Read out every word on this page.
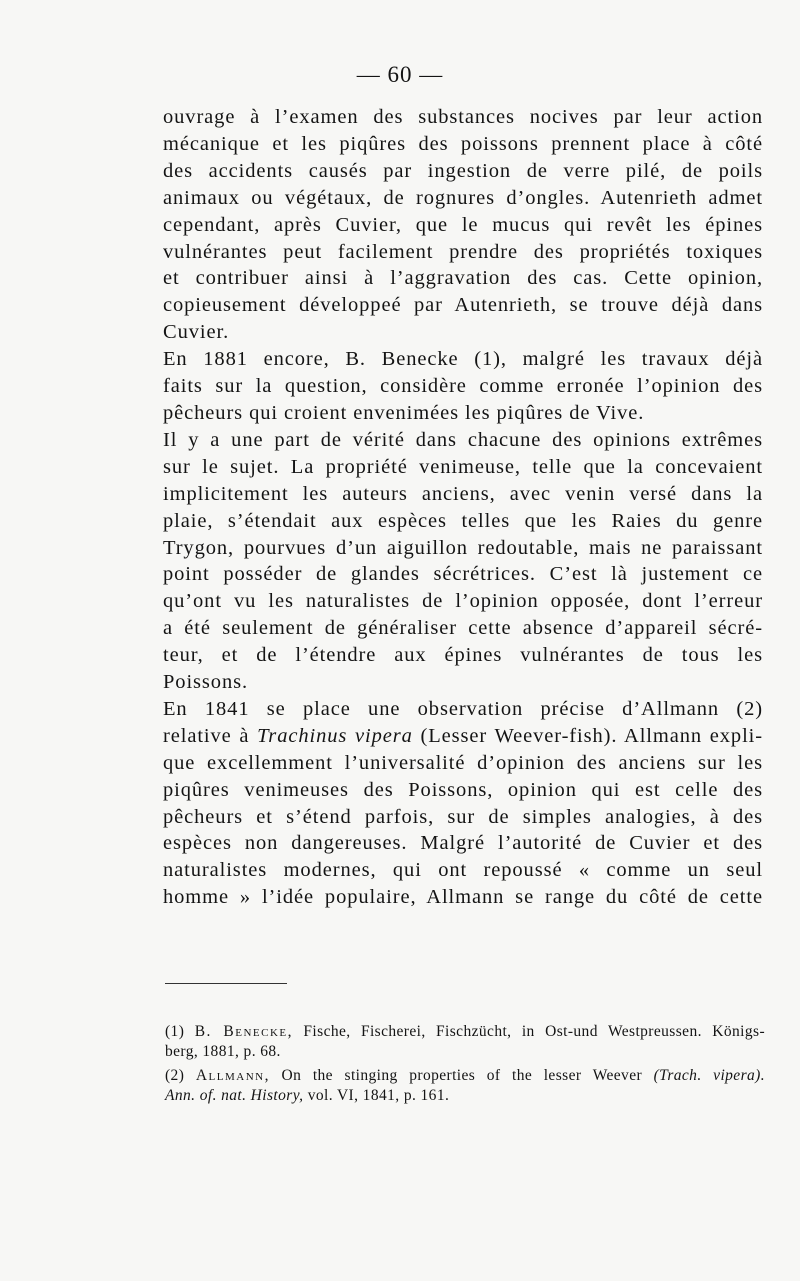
— 60 —
ouvrage à l’examen des substances nocives par leur action
mécanique et les piqûres des poissons prennent place à côté
des accidents causés par ingestion de verre pilé, de poils
animaux ou végétaux, de rognures d’ongles. Autenrieth admet
cependant, après Cuvier, que le mucus qui revêt les épines
vulnérantes peut facilement prendre des propriétés toxiques
et contribuer ainsi à l’aggravation des cas. Cette opinion,
copieusement développeé par Autenrieth, se trouve déjà dans
Cuvier.
En 1881 encore, B. Benecke (1), malgré les travaux déjà
faits sur la question, considère comme erronée l’opinion des
pêcheurs qui croient envenimées les piqûres de Vive.
Il y a une part de vérité dans chacune des opinions extrêmes
sur le sujet. La propriété venimeuse, telle que la concevaient
implicitement les auteurs anciens, avec venin versé dans la
plaie, s’étendait aux espèces telles que les Raies du genre
Trygon, pourvues d’un aiguillon redoutable, mais ne paraissant
point posséder de glandes sécrétrices. C’est là justement ce
qu’ont vu les naturalistes de l’opinion opposée, dont l’erreur
a été seulement de généraliser cette absence d’appareil sécré-
teur, et de l’étendre aux épines vulnérantes de tous les
Poissons.
En 1841 se place une observation précise d’Allmann (2)
relative à Trachinus vipera (Lesser Weever-fish). Allmann expli-
que excellemment l’universalité d’opinion des anciens sur les
piqûres venimeuses des Poissons, opinion qui est celle des
pêcheurs et s’étend parfois, sur de simples analogies, à des
espèces non dangereuses. Malgré l’autorité de Cuvier et des
naturalistes modernes, qui ont repoussé « comme un seul
homme » l’idée populaire, Allmann se range du côté de cette

(1) B. Benecke, Fische, Fischerei, Fischzücht, in Ost-und Westpreussen. Königs-
berg, 1881, p. 68.

(2) Allmann, On the stinging properties of the lesser Weever (Trach. vipera).
Ann. of. nat. History, vol. VI, 1841, p. 161.
